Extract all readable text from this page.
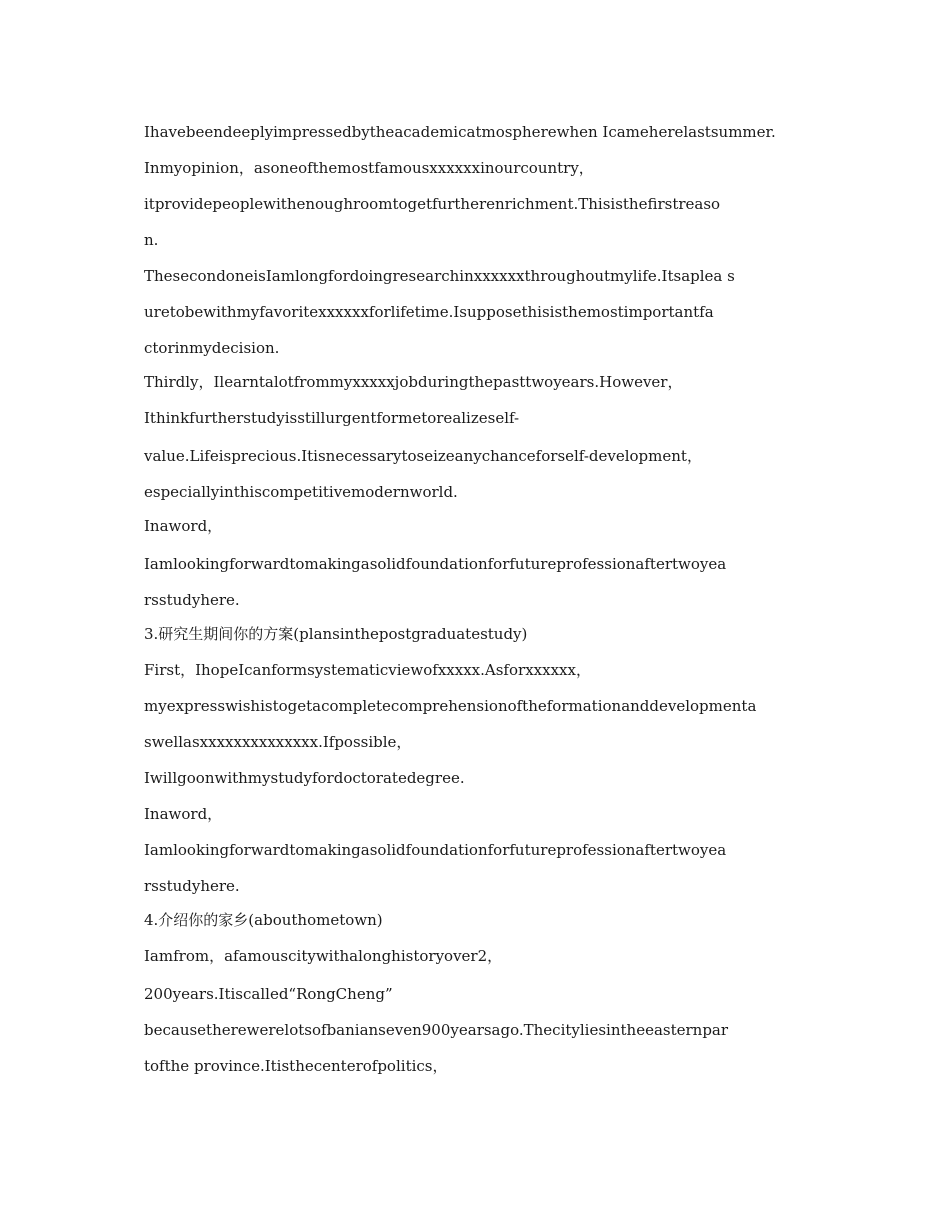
Ihavebeendeeplyimpressedbytheacademicatmospherewhen Icameherelastsummer.
Inmyopinion，asoneofthemostfamousxxxxxxinourcountry，
itprovidepeoplewithenoughroomtogetfurtherenrichment.Thisisthefirstreaso
n.
ThesecondoneisIamlongfordoingresearchinxxxxxxthroughoutmylife.Itsaplea s
uretobewithmyfavoritexxxxxxforlifetime.Isupposethisisthemostimportantfa
ctorinmydecision.
Thirdly，Ilearntalotfrommyxxxxxjobduringthepasttwoyears.However，
Ithinkfurtherstudyisstillurgentformetorealizeself-
value.Lifeisprecious.Itisnecessarytoseizeanychanceforself-development，
especiallyinthiscompetitivemodernworld.
Inaword，
Iamlookingforwardtomakingasolidfoundationforfutureprofessionaftertwoyea
rsstudyhere.
3.研究生期间你的方案(plansinthepostgraduatestudy)
First，IhopeIcanformsystematicviewofxxxxx.Asforxxxxxx，
myexpresswishistogetacompletecomprehensionoftheformationanddevelopmenta
swellasxxxxxxxxxxxxxx.Ifpossible，
Iwillgoonwithmystudyfordoctoratedegree.
Inaword，
Iamlookingforwardtomakingasolidfoundationforfutureprofessionaftertwoyea
rsstudyhere.
4.介绍你的家乡(abouthometown)
Iamfrom，afamouscitywithalonghistoryover2，
200years.Itiscalled“RongCheng”
becausetherewerelotsofbanianseven900yearsago.Thecityliesintheeasternpar
tofthe province.Itisthecenterofpolitics，
